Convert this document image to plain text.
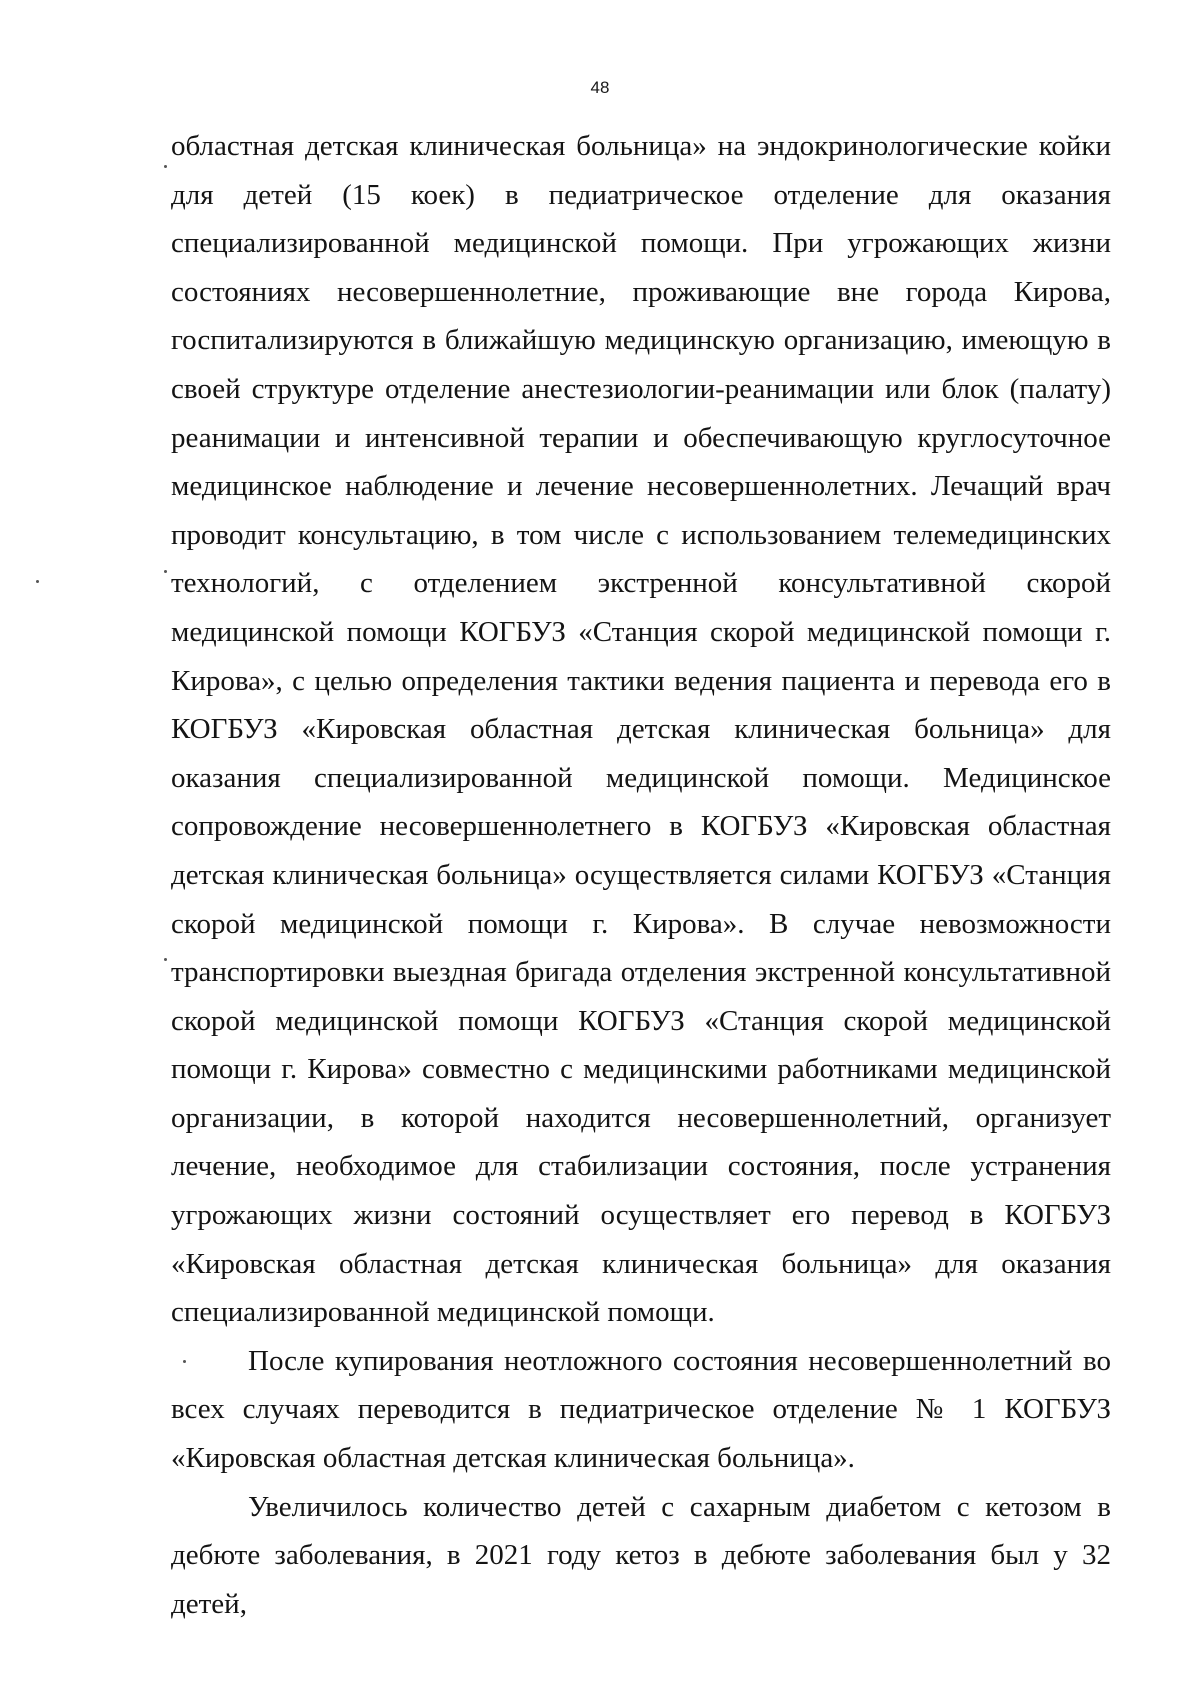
48

областная детская клиническая больница» на эндокринологические койки для детей (15 коек) в педиатрическое отделение для оказания специализированной медицинской помощи. При угрожающих жизни состояниях несовершеннолетние, проживающие вне города Кирова, госпитализируются в ближайшую медицинскую организацию, имеющую в своей структуре отделение анестезиологии-реанимации или блок (палату) реанимации и интенсивной терапии и обеспечивающую круглосуточное медицинское наблюдение и лечение несовершеннолетних. Лечащий врач проводит консультацию, в том числе с использованием телемедицинских технологий, с отделением экстренной консультативной скорой медицинской помощи КОГБУЗ «Станция скорой медицинской помощи г. Кирова», с целью определения тактики ведения пациента и перевода его в КОГБУЗ «Кировская областная детская клиническая больница» для оказания специализированной медицинской помощи. Медицинское сопровождение несовершеннолетнего в КОГБУЗ «Кировская областная детская клиническая больница» осуществляется силами КОГБУЗ «Станция скорой медицинской помощи г. Кирова». В случае невозможности транспортировки выездная бригада отделения экстренной консультативной скорой медицинской помощи КОГБУЗ «Станция скорой медицинской помощи г. Кирова» совместно с медицинскими работниками медицинской организации, в которой находится несовершеннолетний, организует лечение, необходимое для стабилизации состояния, после устранения угрожающих жизни состояний осуществляет его перевод в КОГБУЗ «Кировская областная детская клиническая больница» для оказания специализированной медицинской помощи.

После купирования неотложного состояния несовершеннолетний во всех случаях переводится в педиатрическое отделение № 1 КОГБУЗ «Кировская областная детская клиническая больница».

Увеличилось количество детей с сахарным диабетом с кетозом в дебюте заболевания, в 2021 году кетоз в дебюте заболевания был у 32 детей,
